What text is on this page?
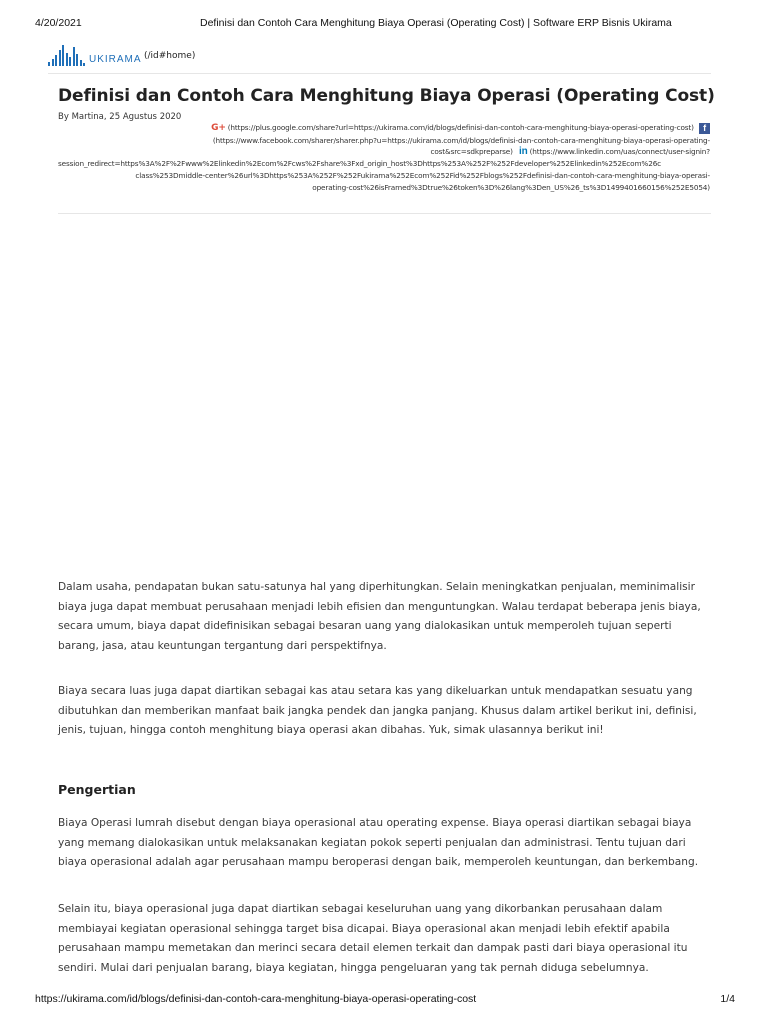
4/20/2021	Definisi dan Contoh Cara Menghitung Biaya Operasi (Operating Cost) | Software ERP Bisnis Ukirama
UKIRAMA (/id#home)
Definisi dan Contoh Cara Menghitung Biaya Operasi (Operating Cost)
By Martina, 25 Agustus 2020
G+ (https://plus.google.com/share?url=https://ukirama.com/id/blogs/definisi-dan-contoh-cara-menghitung-biaya-operasi-operating-cost) f
(https://www.facebook.com/sharer/sharer.php?u=https://ukirama.com/id/blogs/definisi-dan-contoh-cara-menghitung-biaya-operasi-operating-
cost&src=sdkpreparse) in (https://www.linkedin.com/uas/connect/user-signin?
session_redirect=https%3A%2F%2Fwww%2Elinkedin%2Ecom%2Fcws%2Fshare%3Fxd_origin_host%3Dhttps%253A%252F%252Fdeveloper%252Elinkedin%252Ecom%26c
class%253Dmiddle-center%26url%3Dhttps%253A%252F%252Fukirama%252Ecom%252Fid%252Fblogs%252Fdefinisi-dan-contoh-cara-menghitung-biaya-operasi-
operating-cost%26isFramed%3Dtrue%26token%3D%26lang%3Den_US%26_ts%3D1499401660156%252E5054)

Dalam usaha, pendapatan bukan satu-satunya hal yang diperhitungkan. Selain meningkatkan penjualan, meminimalisir biaya juga dapat membuat perusahaan menjadi lebih efisien dan menguntungkan. Walau terdapat beberapa jenis biaya, secara umum, biaya dapat didefinisikan sebagai besaran uang yang dialokasikan untuk memperoleh tujuan seperti barang, jasa, atau keuntungan tergantung dari perspektifnya.

Biaya secara luas juga dapat diartikan sebagai kas atau setara kas yang dikeluarkan untuk mendapatkan sesuatu yang dibutuhkan dan memberikan manfaat baik jangka pendek dan jangka panjang. Khusus dalam artikel berikut ini, definisi, jenis, tujuan, hingga contoh menghitung biaya operasi akan dibahas. Yuk, simak ulasannya berikut ini!

Pengertian

Biaya Operasi lumrah disebut dengan biaya operasional atau operating expense. Biaya operasi diartikan sebagai biaya yang memang dialokasikan untuk melaksanakan kegiatan pokok seperti penjualan dan administrasi. Tentu tujuan dari biaya operasional adalah agar perusahaan mampu beroperasi dengan baik, memperoleh keuntungan, dan berkembang.

Selain itu, biaya operasional juga dapat diartikan sebagai keseluruhan uang yang dikorbankan perusahaan dalam membiayai kegiatan operasional sehingga target bisa dicapai. Biaya operasional akan menjadi lebih efektif apabila perusahaan mampu memetakan dan merinci secara detail elemen terkait dan dampak pasti dari biaya operasional itu sendiri. Mulai dari penjualan barang, biaya kegiatan, hingga pengeluaran yang tak pernah diduga sebelumnya.

https://ukirama.com/id/blogs/definisi-dan-contoh-cara-menghitung-biaya-operasi-operating-cost	1/4
